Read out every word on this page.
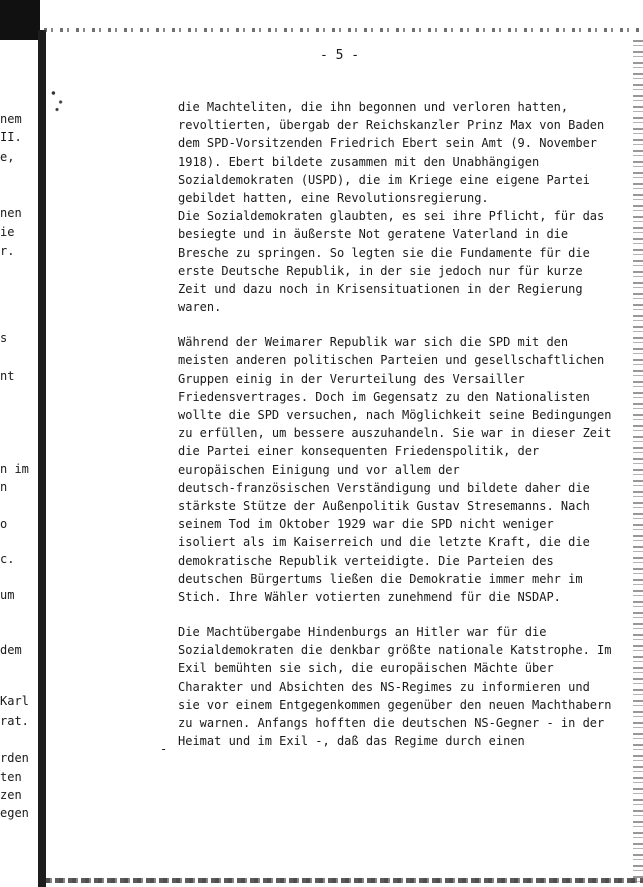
nem
II.
e,
nen
ie
r.
s
nt
n im
n
o
c.
um
dem
Karl
rat.
rden
ten
zen
egen
- 5 -
die Machteliten, die ihn begonnen und verloren hatten,
revoltierten, übergab der Reichskanzler Prinz Max von Baden
dem SPD-Vorsitzenden Friedrich Ebert sein Amt (9. November
1918). Ebert bildete zusammen mit den Unabhängigen
Sozialdemokraten (USPD), die im Kriege eine eigene Partei
gebildet hatten, eine Revolutionsregierung.
Die Sozialdemokraten glaubten, es sei ihre Pflicht, für das
besiegte und in äußerste Not geratene Vaterland in die
Bresche zu springen. So legten sie die Fundamente für die
erste Deutsche Republik, in der sie jedoch nur für kurze
Zeit und dazu noch in Krisensituationen in der Regierung
waren.
Während der Weimarer Republik war sich die SPD mit den
meisten anderen politischen Parteien und gesellschaftlichen
Gruppen einig in der Verurteilung des Versailler
Friedensvertrages. Doch im Gegensatz zu den Nationalisten
wollte die SPD versuchen, nach Möglichkeit seine Bedingungen
zu erfüllen, um bessere auszuhandeln. Sie war in dieser Zeit
die Partei einer konsequenten Friedenspolitik, der
europäischen Einigung und vor allem der
deutsch-französischen Verständigung und bildete daher die
stärkste Stütze der Außenpolitik Gustav Stresemanns. Nach
seinem Tod im Oktober 1929 war die SPD nicht weniger
isoliert als im Kaiserreich und die letzte Kraft, die die
demokratische Republik verteidigte. Die Parteien des
deutschen Bürgertums ließen die Demokratie immer mehr im
Stich. Ihre Wähler votierten zunehmend für die NSDAP.
Die Machtübergabe Hindenburgs an Hitler war für die
Sozialdemokraten die denkbar größte nationale Katstrophe. Im
Exil bemühten sie sich, die europäischen Mächte über
Charakter und Absichten des NS-Regimes zu informieren und
sie vor einem Entgegenkommen gegenüber den neuen Machthabern
zu warnen. Anfangs hofften die deutschen NS-Gegner - in der
Heimat und im Exil -, daß das Regime durch einen
-
